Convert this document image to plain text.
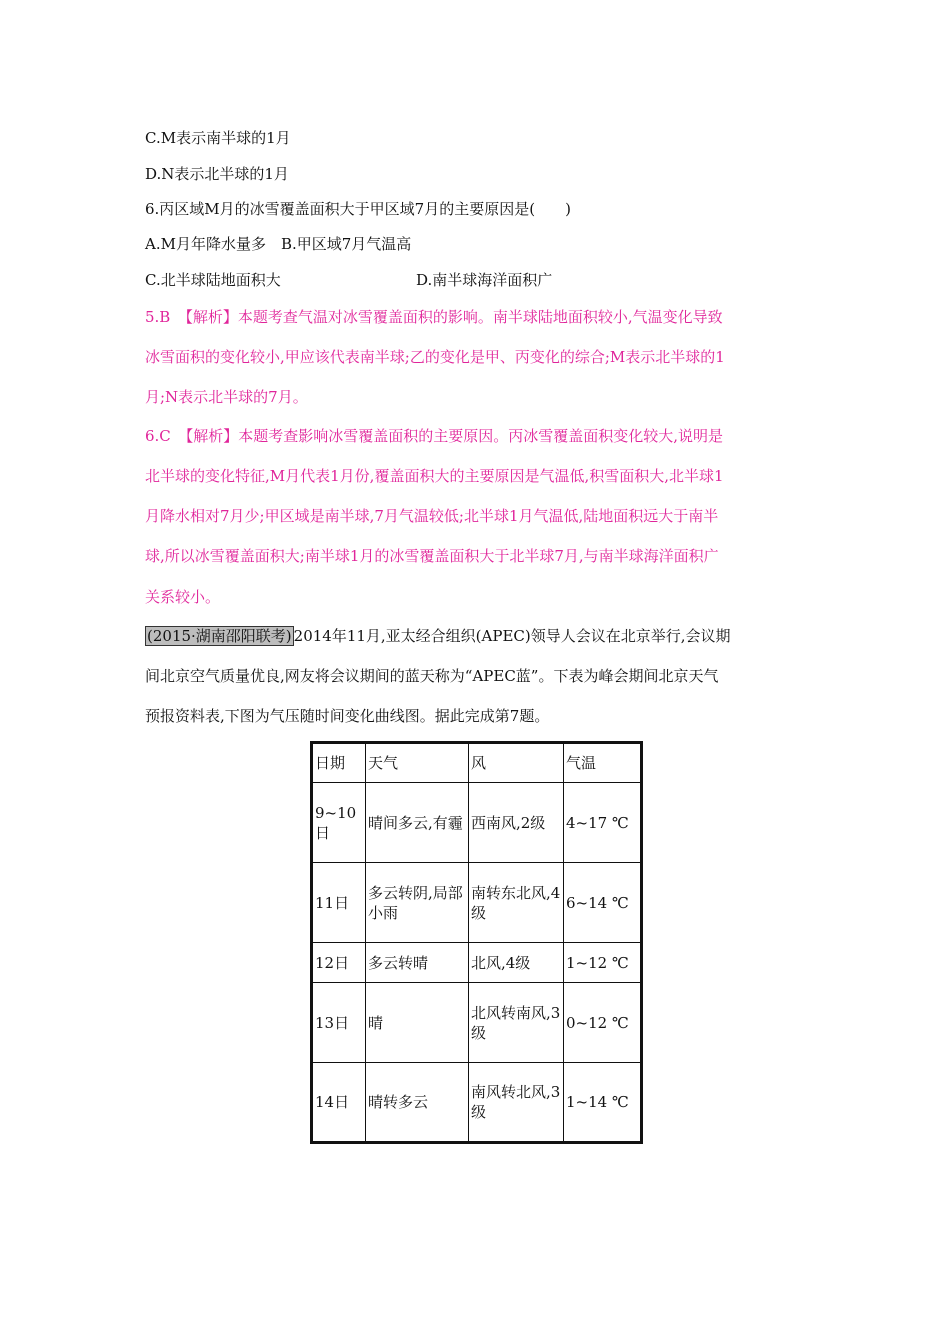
C.M表示南半球的1月
D.N表示北半球的1月
6.丙区域M月的冰雪覆盖面积大于甲区域7月的主要原因是(　　)
A.M月年降水量多　B.甲区域7月气温高
C.北半球陆地面积大	D.南半球海洋面积广
5.B　【解析】本题考查气温对冰雪覆盖面积的影响。南半球陆地面积较小,气温变化导致
冰雪面积的变化较小,甲应该代表南半球;乙的变化是甲、丙变化的综合;M表示北半球的1
月;N表示北半球的7月。
6.C　【解析】本题考查影响冰雪覆盖面积的主要原因。丙冰雪覆盖面积变化较大,说明是
北半球的变化特征,M月代表1月份,覆盖面积大的主要原因是气温低,积雪面积大,北半球1
月降水相对7月少;甲区域是南半球,7月气温较低;北半球1月气温低,陆地面积远大于南半
球,所以冰雪覆盖面积大;南半球1月的冰雪覆盖面积大于北半球7月,与南半球海洋面积广
关系较小。
(2015·湖南邵阳联考) 2014年11月,亚太经合组织(APEC)领导人会议在北京举行,会议期
间北京空气质量优良,网友将会议期间的蓝天称为“APEC蓝”。下表为峰会期间北京天气
预报资料表,下图为气压随时间变化曲线图。据此完成第7题。
日期	天气	风	气温
9~10日	晴间多云,有霾	西南风,2级	4~17 ℃
11日	多云转阴,局部小雨	南转东北风,4级	6~14 ℃
12日	多云转晴	北风,4级	1~12 ℃
13日	晴	北风转南风,3级	0~12 ℃
14日	晴转多云	南风转北风,3级	1~14 ℃
